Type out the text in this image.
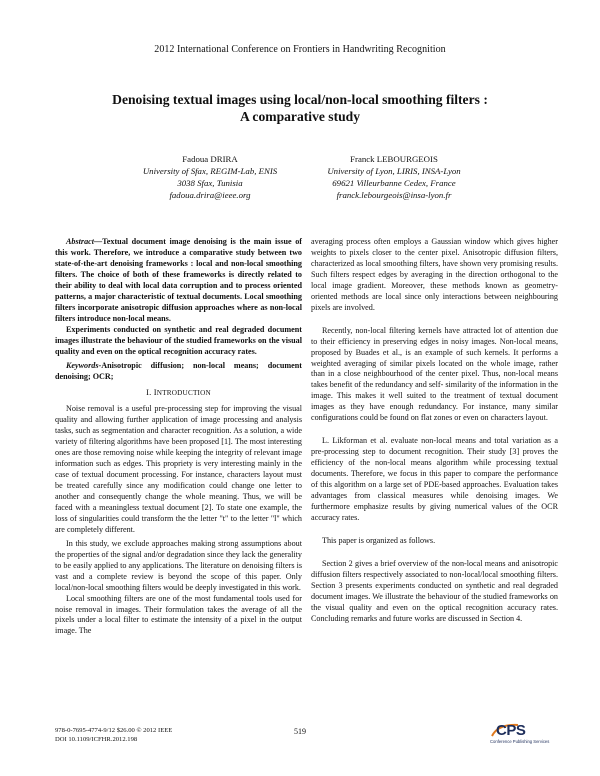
2012 International Conference on Frontiers in Handwriting Recognition
Denoising textual images using local/non-local smoothing filters :
A comparative study
Fadoua DRIRA
University of Sfax, REGIM-Lab, ENIS
3038 Sfax, Tunisia
fadoua.drira@ieee.org
Franck LEBOURGEOIS
University of Lyon, LIRIS, INSA-Lyon
69621 Villeurbanne Cedex, France
franck.lebourgeois@insa-lyon.fr

Abstract—Textual document image denoising is the main issue of this work. Therefore, we introduce a comparative study between two state-of-the-art denoising frameworks : local and non-local smoothing filters. The choice of both of these frameworks is directly related to their ability to deal with local data corruption and to process oriented patterns, a major characteristic of textual documents. Local smoothing filters incorporate anisotropic diffusion approaches where as non-local filters introduce non-local means.

Experiments conducted on synthetic and real degraded document images illustrate the behaviour of the studied frameworks on the visual quality and even on the optical recognition accuracy rates.

Keywords-Anisotropic diffusion; non-local means; document denoising; OCR;

I. INTRODUCTION

Noise removal is a useful pre-processing step for improving the visual quality and allowing further application of image processing and analysis tasks, such as segmentation and character recognition. As a solution, a wide variety of filtering algorithms have been proposed [1]. The most interesting ones are those removing noise while keeping the integrity of relevant image information such as edges. This propriety is very interesting mainly in the case of textual document processing. For instance, characters layout must be treated carefully since any modification could change one letter to another and consequently change the whole meaning. Thus, we will be faced with a meaningless textual document [2]. To state one example, the loss of singularities could transform the the letter "t" to the letter "l" which are completely different.

In this study, we exclude approaches making strong assumptions about the properties of the signal and/or degradation since they lack the generality to be easily applied to any applications. The literature on denoising filters is vast and a complete review is beyond the scope of this paper. Only local/non-local smoothing filters would be deeply investigated in this work.

Local smoothing filters are one of the most fundamental tools used for noise removal in images. Their formulation takes the average of all the pixels under a local filter to estimate the intensity of a pixel in the output image. The

averaging process often employs a Gaussian window which gives higher weights to pixels closer to the center pixel. Anisotropic diffusion filters, characterized as local smoothing filters, have shown very promising results. Such filters respect edges by averaging in the direction orthogonal to the local image gradient. Moreover, these methods known as geometry-oriented methods are local since only interactions between neighbouring pixels are involved.

Recently, non-local filtering kernels have attracted lot of attention due to their efficiency in preserving edges in noisy images. Non-local means, proposed by Buades et al., is an example of such kernels. It performs a weighted averaging of similar pixels located on the whole image, rather than in a close neighbourhood of the center pixel. Thus, non-local means takes benefit of the redundancy and self- similarity of the information in the image. This makes it well suited to the treatment of textual document images as they have enough redundancy. For instance, many similar configurations could be found on flat zones or even on characters layout.

L. Likforman et al. evaluate non-local means and total variation as a pre-processing step to document recognition. Their study [3] proves the efficiency of the non-local means algorithm while processing textual documents. Therefore, we focus in this paper to compare the performance of this algorithm on a large set of PDE-based approaches. Evaluation takes advantages from classical measures while denoising images. We furthermore emphasize results by giving numerical values of the OCR accuracy rates.

This paper is organized as follows.

Section 2 gives a brief overview of the non-local means and anisotropic diffusion filters respectively associated to non-local/local smoothing filters. Section 3 presents experiments conducted on synthetic and real degraded document images. We illustrate the behaviour of the studied frameworks on the visual quality and even on the optical recognition accuracy rates. Concluding remarks and future works are discussed in Section 4.

978-0-7695-4774-9/12 $26.00 © 2012 IEEE
DOI 10.1109/ICFHR.2012.198
519	CPS
Conference Publishing Services
